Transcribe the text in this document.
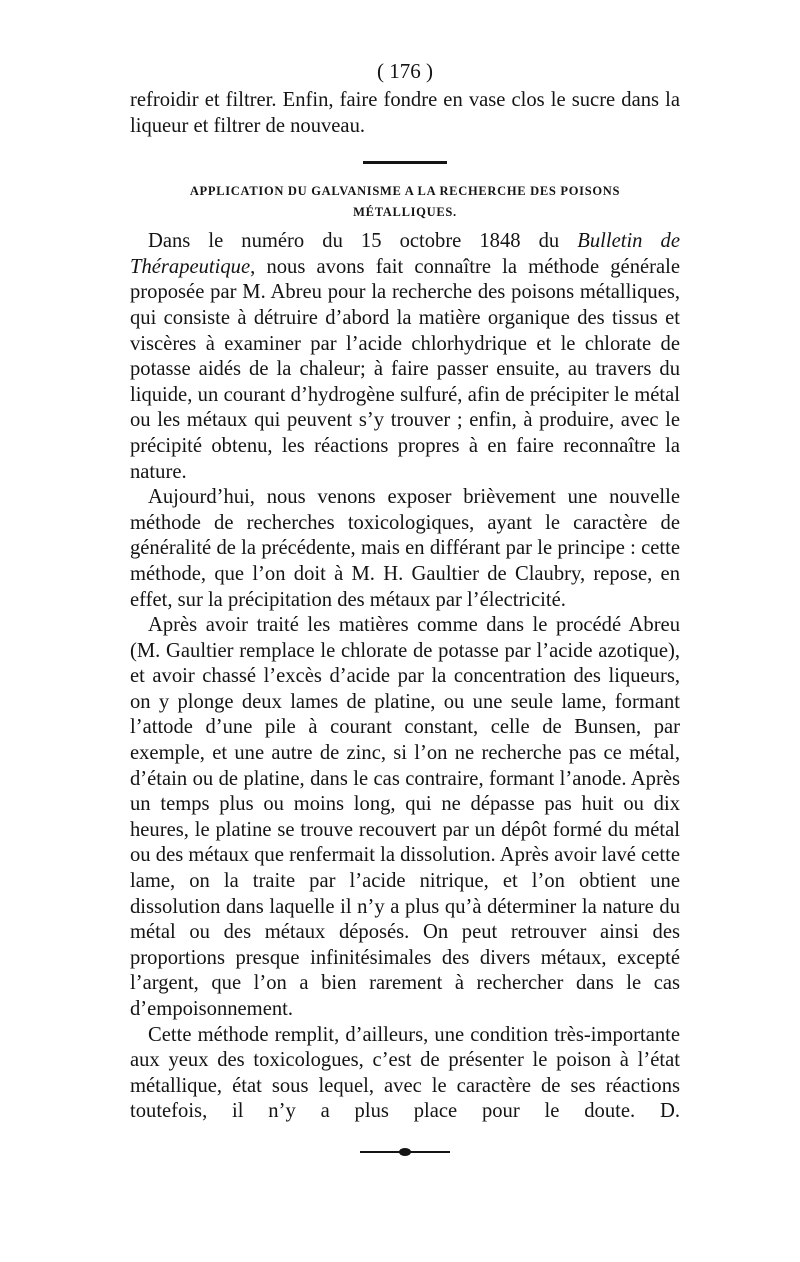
( 176 )

refroidir et filtrer. Enfin, faire fondre en vase clos le sucre dans la liqueur et filtrer de nouveau.

APPLICATION DU GALVANISME A LA RECHERCHE DES POISONS
MÉTALLIQUES.

Dans le numéro du 15 octobre 1848 du Bulletin de Thérapeutique, nous avons fait connaître la méthode générale proposée par M. Abreu pour la recherche des poisons métalliques, qui consiste à détruire d’abord la matière organique des tissus et viscères à examiner par l’acide chlorhydrique et le chlorate de potasse aidés de la chaleur; à faire passer ensuite, au travers du liquide, un courant d’hydrogène sulfuré, afin de précipiter le métal ou les métaux qui peuvent s’y trouver ; enfin, à produire, avec le précipité obtenu, les réactions propres à en faire reconnaître la nature.

Aujourd’hui, nous venons exposer brièvement une nouvelle méthode de recherches toxicologiques, ayant le caractère de généralité de la précédente, mais en différant par le principe : cette méthode, que l’on doit à M. H. Gaultier de Claubry, repose, en effet, sur la précipitation des métaux par l’électricité.

Après avoir traité les matières comme dans le procédé Abreu (M. Gaultier remplace le chlorate de potasse par l’acide azotique), et avoir chassé l’excès d’acide par la concentration des liqueurs, on y plonge deux lames de platine, ou une seule lame, formant l’attode d’une pile à courant constant, celle de Bunsen, par exemple, et une autre de zinc, si l’on ne recherche pas ce métal, d’étain ou de platine, dans le cas contraire, formant l’anode. Après un temps plus ou moins long, qui ne dépasse pas huit ou dix heures, le platine se trouve recouvert par un dépôt formé du métal ou des métaux que renfermait la dissolution. Après avoir lavé cette lame, on la traite par l’acide nitrique, et l’on obtient une dissolution dans laquelle il n’y a plus qu’à déterminer la nature du métal ou des métaux déposés. On peut retrouver ainsi des proportions presque infinitésimales des divers métaux, excepté l’argent, que l’on a bien rarement à rechercher dans le cas d’empoisonnement.

Cette méthode remplit, d’ailleurs, une condition très-importante aux yeux des toxicologues, c’est de présenter le poison à l’état métallique, état sous lequel, avec le caractère de ses réactions toutefois, il n’y a plus place pour le doute. D.
